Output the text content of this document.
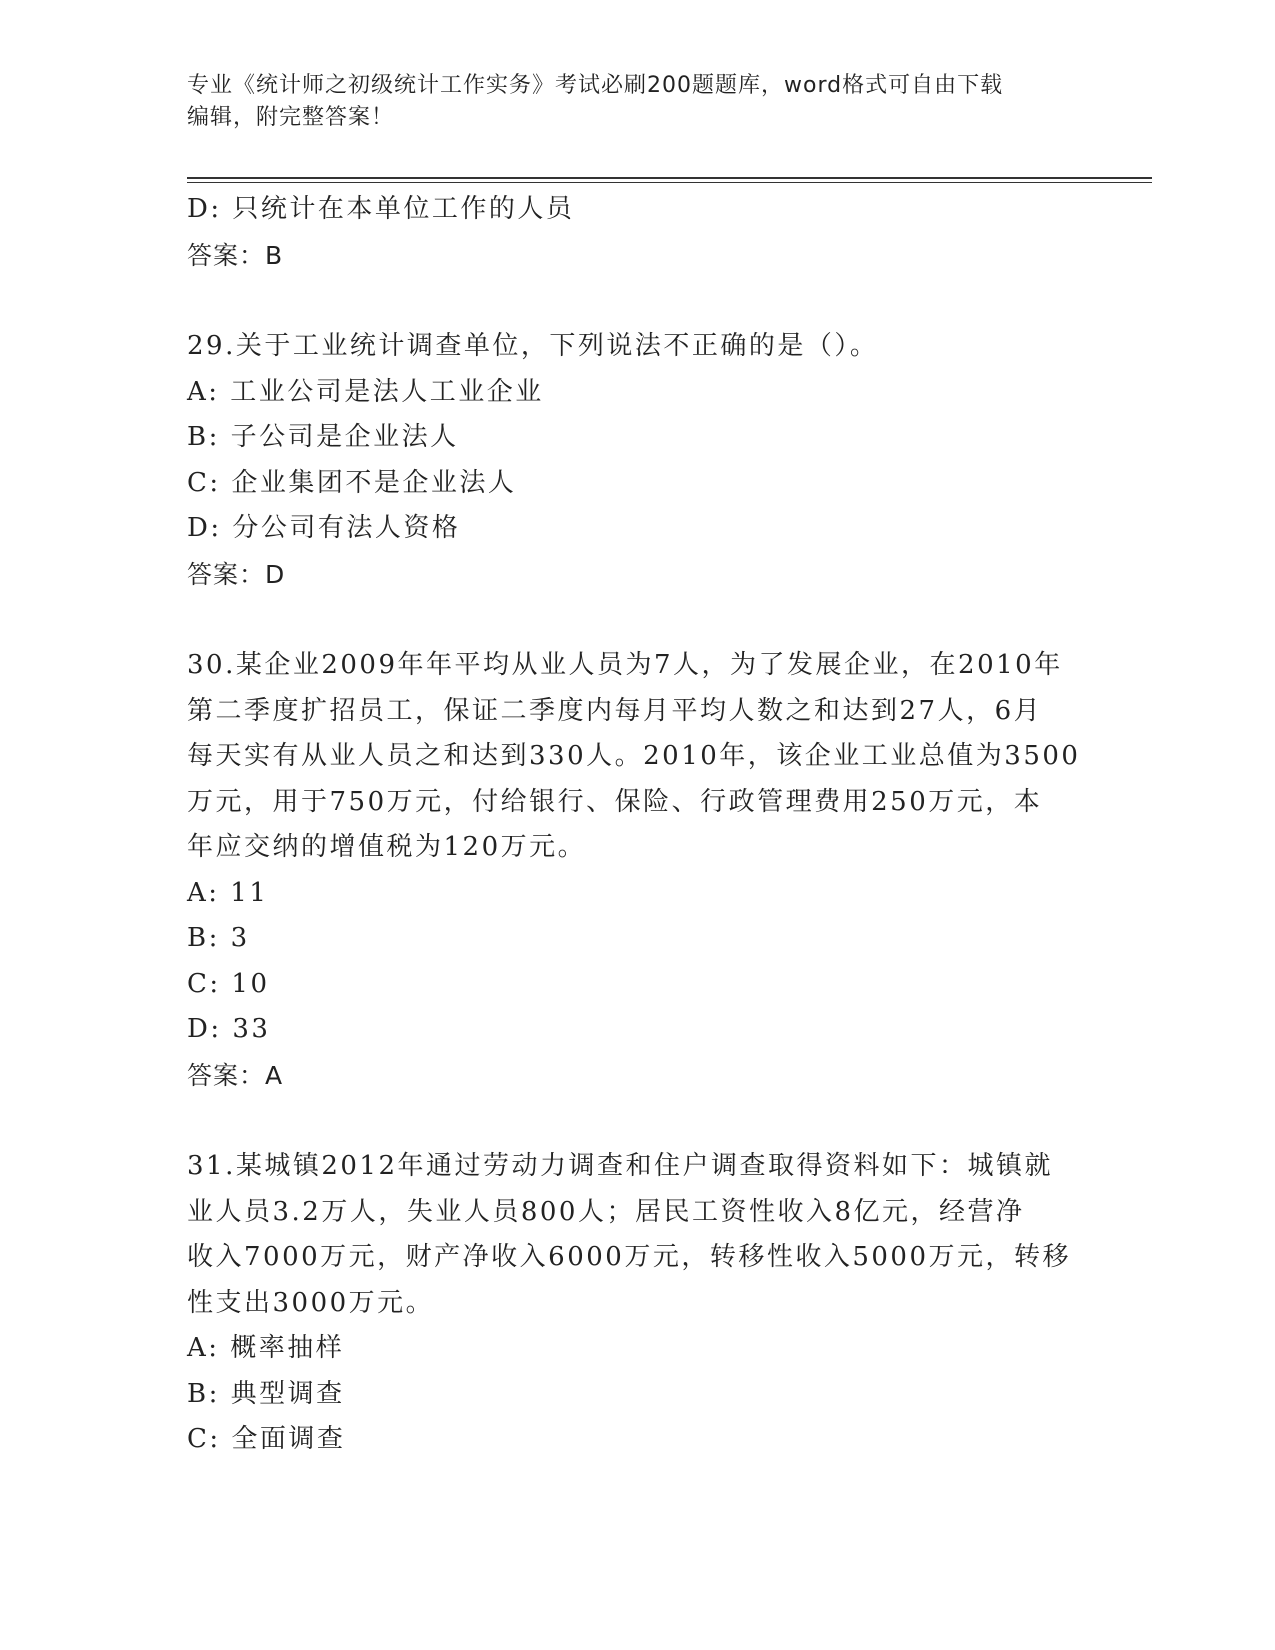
专业《统计师之初级统计工作实务》考试必刷200题题库，word格式可自由下载
编辑，附完整答案！
D: 只统计在本单位工作的人员
答案：B
29.关于工业统计调查单位，下列说法不正确的是（）。
A: 工业公司是法人工业企业
B: 子公司是企业法人
C: 企业集团不是企业法人
D: 分公司有法人资格
答案：D
30.某企业2009年年平均从业人员为7人，为了发展企业，在2010年
第二季度扩招员工，保证二季度内每月平均人数之和达到27人，6月
每天实有从业人员之和达到330人。2010年，该企业工业总值为3500
万元，用于750万元，付给银行、保险、行政管理费用250万元，本
年应交纳的增值税为120万元。
A: 11
B: 3
C: 10
D: 33
答案：A
31.某城镇2012年通过劳动力调查和住户调查取得资料如下：城镇就
业人员3.2万人，失业人员800人；居民工资性收入8亿元，经营净
收入7000万元，财产净收入6000万元，转移性收入5000万元，转移
性支出3000万元。
A: 概率抽样
B: 典型调查
C: 全面调查
